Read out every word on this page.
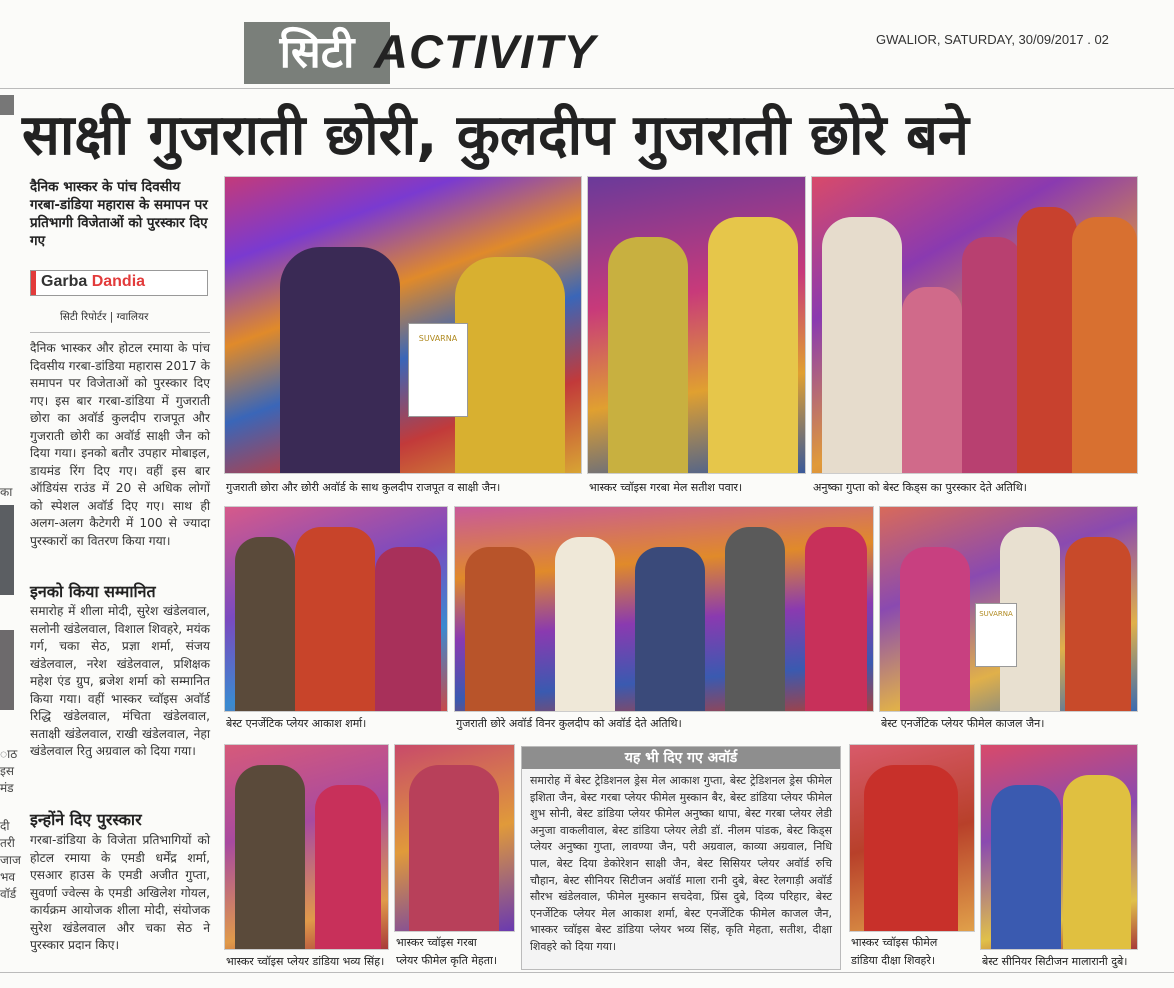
सिटी ACTIVITY	GWALIOR, SATURDAY, 30/09/2017 . 02
साक्षी गुजराती छोरी, कुलदीप गुजराती छोरे बने
दैनिक भास्कर के पांच दिवसीय गरबा-डांडिया महारास के समापन पर प्रतिभागी विजेताओं को पुरस्कार दिए गए
Garba Dandia
सिटी रिपोर्टर | ग्वालियर
दैनिक भास्कर और होटल रमाया के पांच दिवसीय गरबा-डांडिया महारास 2017 के समापन पर विजेताओं को पुरस्कार दिए गए। इस बार गरबा-डांडिया में गुजराती छोरा का अवॉर्ड कुलदीप राजपूत और गुजराती छोरी का अवॉर्ड साक्षी जैन को दिया गया। इनको बतौर उपहार मोबाइल, डायमंड रिंग दिए गए। वहीं इस बार ऑडियंस राउंड में 20 से अधिक लोगों को स्पेशल अवॉर्ड दिए गए। साथ ही अलग-अलग कैटेगरी में 100 से ज्यादा पुरस्कारों का वितरण किया गया।
इनको किया सम्मानित
समारोह में शीला मोदी, सुरेश खंडेलवाल, सलोनी खंडेलवाल, विशाल शिवहरे, मयंक गर्ग, चका सेठ, प्रज्ञा शर्मा, संजय खंडेलवाल, नरेश खंडेलवाल, प्रशिक्षक महेश एंड ग्रुप, ब्रजेश शर्मा को सम्मानित किया गया। वहीं भास्कर च्वॉइस अवॉर्ड रिद्धि खंडेलवाल, मंचिता खंडेलवाल, सताक्षी खंडेलवाल, राखी खंडेलवाल, नेहा खंडेलवाल रितु अग्रवाल को दिया गया।
इन्होंने दिए पुरस्कार
गरबा-डांडिया के विजेता प्रतिभागियों को होटल रमाया के एमडी धर्मेंद्र शर्मा, एसआर हाउस के एमडी अजीत गुप्ता, सुवर्णा ज्वेल्स के एमडी अखिलेश गोयल, कार्यक्रम आयोजक शीला मोदी, संयोजक सुरेश खंडेलवाल और चका सेठ ने पुरस्कार प्रदान किए।
का
ाठ
इस
मंड
दी
तरी
जाज
भव
वॉर्ड
SUVARNA
गुजराती छोरा और छोरी अवॉर्ड के साथ कुलदीप राजपूत व साक्षी जैन।	भास्कर च्वॉइस गरबा मेल सतीश पवार।	अनुष्का गुप्ता को बेस्ट किड्स का पुरस्कार देते अतिथि।
बेस्ट एनर्जेटिक प्लेयर आकाश शर्मा।	गुजराती छोरे अवॉर्ड विनर कुलदीप को अवॉर्ड देते अतिथि।
SUVARNA
बेस्ट एनर्जेटिक प्लेयर फीमेल काजल जैन।
भास्कर च्वॉइस प्लेयर डांडिया भव्य सिंह।
भास्कर च्वॉइस गरबा
प्लेयर फीमेल कृति मेहता।
यह भी दिए गए अवॉर्ड
समारोह में बेस्ट ट्रेडिशनल ड्रेस मेल आकाश गुप्ता, बेस्ट ट्रेडिशनल ड्रेस फीमेल इशिता जैन, बेस्ट गरबा प्लेयर फीमेल मुस्कान बैर, बेस्ट डांडिया प्लेयर फीमेल शुभ सोनी, बेस्ट डांडिया प्लेयर फीमेल अनुष्का थापा, बेस्ट गरबा प्लेयर लेडी अनुजा वाकलीवाल, बेस्ट डांडिया प्लेयर लेडी डॉ. नीलम पांडक, बेस्ट किड्स प्लेयर अनुष्का गुप्ता, लावण्या जैन, परी अग्रवाल, काव्या अग्रवाल, निधि पाल, बेस्ट दिया डेकोरेशन साक्षी जैन, बेस्ट सिसियर प्लेयर अवॉर्ड रुचि चौहान, बेस्ट सीनियर सिटीजन अवॉर्ड माला रानी दुबे, बेस्ट रेलगाड़ी अवॉर्ड सौरभ खंडेलवाल, फीमेल मुस्कान सचदेवा, प्रिंस दुबे, दिव्य परिहार, बेस्ट एनर्जेटिक प्लेयर मेल आकाश शर्मा, बेस्ट एनर्जेटिक फीमेल काजल जैन, भास्कर च्वॉइस बेस्ट डांडिया प्लेयर भव्य सिंह, कृति मेहता, सतीश, दीक्षा शिवहरे को दिया गया।	भास्कर च्वॉइस फीमेल
डांडिया दीक्षा शिवहरे।	बेस्ट सीनियर सिटीजन मालारानी दुबे।
